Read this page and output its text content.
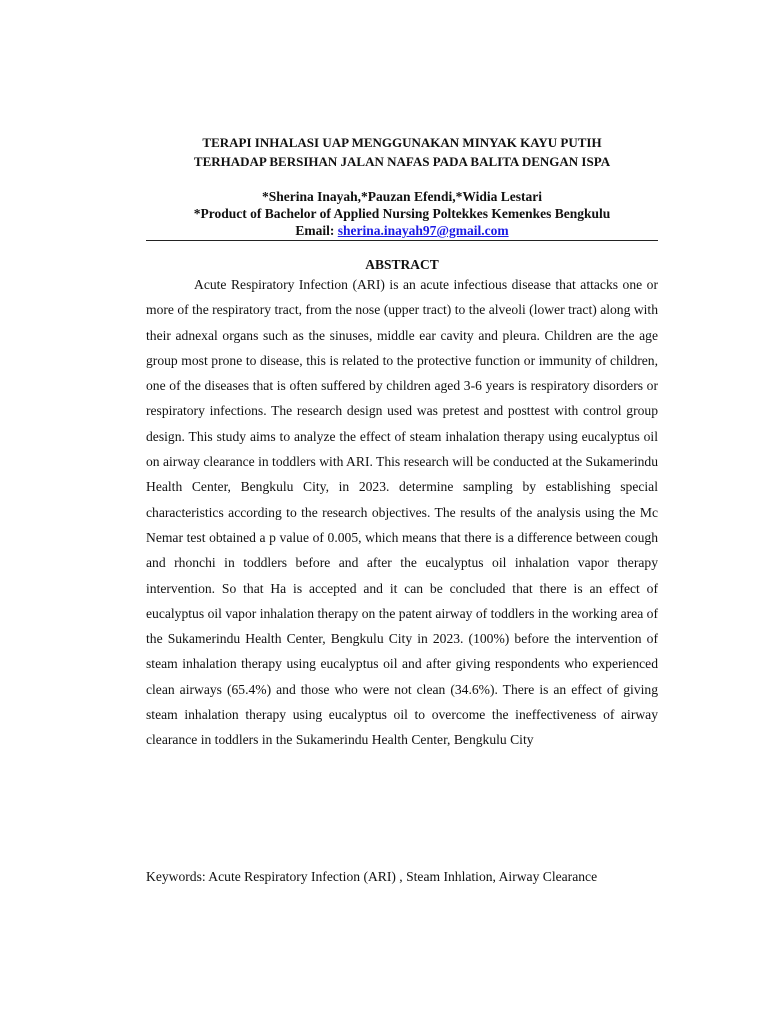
TERAPI INHALASI UAP MENGGUNAKAN MINYAK KAYU PUTIH
TERHADAP BERSIHAN JALAN NAFAS PADA BALITA DENGAN ISPA
*Sherina Inayah,*Pauzan Efendi,*Widia Lestari
*Product of Bachelor of Applied Nursing Poltekkes Kemenkes Bengkulu
Email: sherina.inayah97@gmail.com
ABSTRACT
Acute Respiratory Infection (ARI) is an acute infectious disease that attacks one or more of the respiratory tract, from the nose (upper tract) to the alveoli (lower tract) along with their adnexal organs such as the sinuses, middle ear cavity and pleura. Children are the age group most prone to disease, this is related to the protective function or immunity of children, one of the diseases that is often suffered by children aged 3-6 years is respiratory disorders or respiratory infections. The research design used was pretest and posttest with control group design. This study aims to analyze the effect of steam inhalation therapy using eucalyptus oil on airway clearance in toddlers with ARI. This research will be conducted at the Sukamerindu Health Center, Bengkulu City, in 2023. determine sampling by establishing special characteristics according to the research objectives. The results of the analysis using the Mc Nemar test obtained a p value of 0.005, which means that there is a difference between cough and rhonchi in toddlers before and after the eucalyptus oil inhalation vapor therapy intervention. So that Ha is accepted and it can be concluded that there is an effect of eucalyptus oil vapor inhalation therapy on the patent airway of toddlers in the working area of the Sukamerindu Health Center, Bengkulu City in 2023. (100%) before the intervention of steam inhalation therapy using eucalyptus oil and after giving respondents who experienced clean airways (65.4%) and those who were not clean (34.6%). There is an effect of giving steam inhalation therapy using eucalyptus oil to overcome the ineffectiveness of airway clearance in toddlers in the Sukamerindu Health Center, Bengkulu City
Keywords: Acute Respiratory Infection (ARI) , Steam Inhlation, Airway Clearance
